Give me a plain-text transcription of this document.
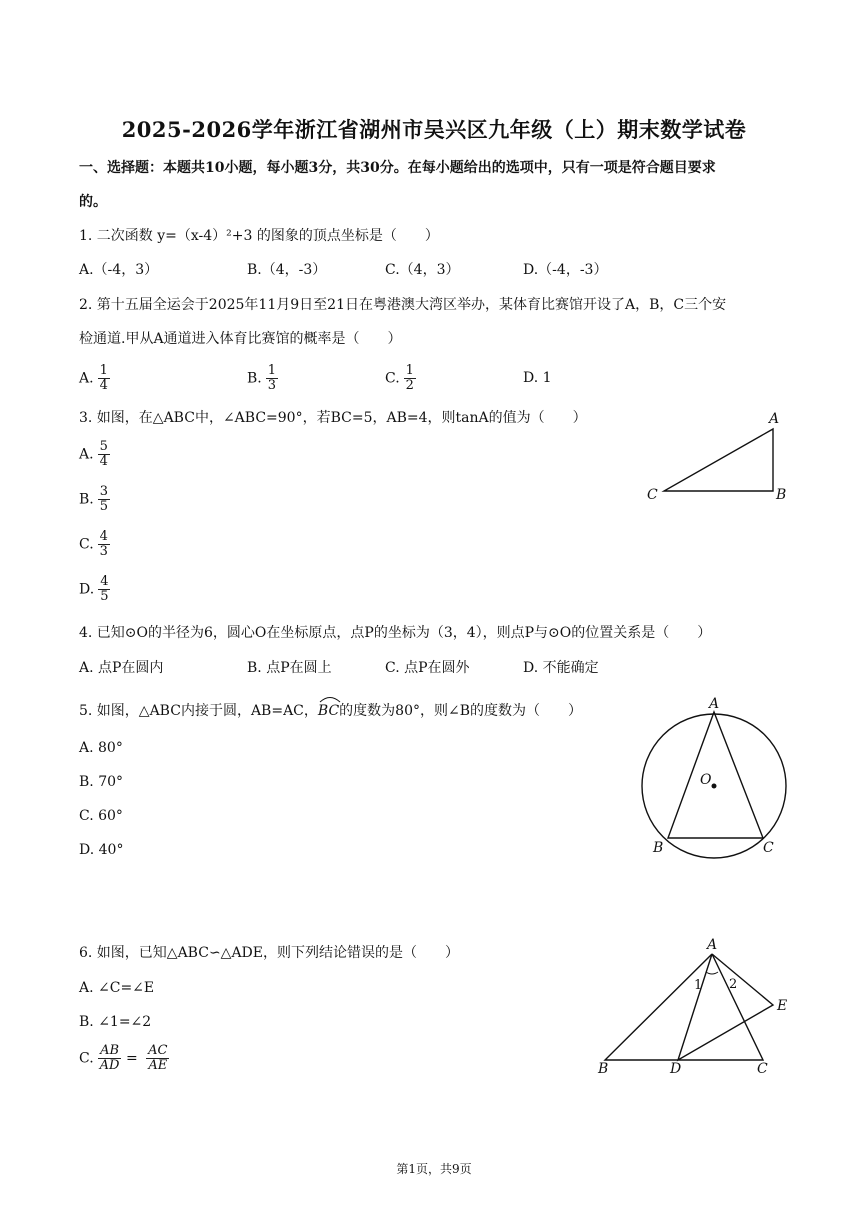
2025-2026学年浙江省湖州市吴兴区九年级（上）期末数学试卷
一、选择题：本题共10小题，每小题3分，共30分。在每小题给出的选项中，只有一项是符合题目要求
的。
1. 二次函数 y=（x-4）²+3 的图象的顶点坐标是（　　）
A.（-4，3）	B.（4，-3）	C.（4，3）	D.（-4，-3）
2. 第十五届全运会于2025年11月9日至21日在粤港澳大湾区举办，某体育比赛馆开设了A，B，C三个安
检通道.甲从A通道进入体育比赛馆的概率是（　　）
A. $\frac{1}{4}$	B. $\frac{1}{3}$	C. $\frac{1}{2}$	D. 1
3. 如图，在△ABC中，∠ABC=90°，若BC=5，AB=4，则tanA的值为（　　）
A. $\frac{5}{4}$
B. $\frac{3}{5}$
C. $\frac{4}{3}$
D. $\frac{4}{5}$
A
B
C
4. 已知⊙O的半径为6，圆心O在坐标原点，点P的坐标为（3，4），则点P与⊙O的位置关系是（　　）
A. 点P在圆内	B. 点P在圆上	C. 点P在圆外	D. 不能确定
5. 如图，△ABC内接于圆，AB=AC，
BC的度数为80°，则∠B的度数为（　　）
A. 80°
B. 70°
C. 60°
D. 40°
A
B	C
O
6. 如图，已知△ABC∽△ADE，则下列结论错误的是（　　）
A. ∠C=∠E
B. ∠1=∠2
C. $\frac{AB}{AD} = \frac{AC}{AE}$
A
B	C
D
E
1 2
第1页，共9页
